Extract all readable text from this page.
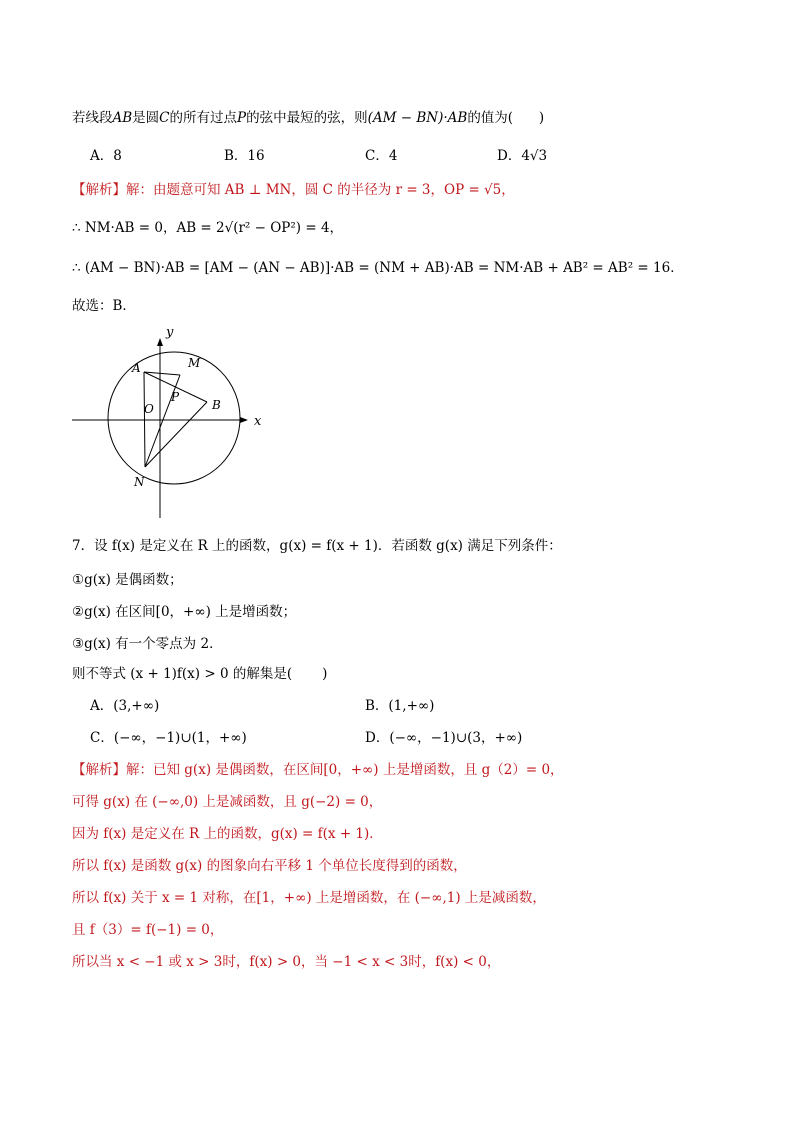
若线段AB是圆C的所有过点P的弦中最短的弦，则(AM − BN)·AB的值为(      )
A．8	B．16	C．4	D．4√3
【解析】解：由题意可知 AB ⊥ MN，圆 C 的半径为 r = 3，OP = √5，
∴ NM·AB = 0，AB = 2√(r² − OP²) = 4，
∴ (AM − BN)·AB = [AM − (AN − AB)]·AB = (NM + AB)·AB = NM·AB + AB² = AB² = 16．
故选：B．
y
x
A	M
P
O	B
N
7．设 f(x) 是定义在 R 上的函数，g(x) = f(x + 1)．若函数 g(x) 满足下列条件：
①g(x) 是偶函数；
②g(x) 在区间[0，+∞) 上是增函数；
③g(x) 有一个零点为 2．
则不等式 (x + 1)f(x) > 0 的解集是(       )
A．(3,+∞)	B．(1,+∞)
C．(−∞，−1)∪(1，+∞)	D．(−∞，−1)∪(3，+∞)
【解析】解：已知 g(x) 是偶函数，在区间[0，+∞) 上是增函数，且 g（2）= 0，
可得 g(x) 在 (−∞,0) 上是减函数，且 g(−2) = 0，
因为 f(x) 是定义在 R 上的函数，g(x) = f(x + 1)．
所以 f(x) 是函数 g(x) 的图象向右平移 1 个单位长度得到的函数，
所以 f(x) 关于 x = 1 对称，在[1，+∞) 上是增函数，在 (−∞,1) 上是减函数，
且 f（3）= f(−1) = 0，
所以当 x < −1 或 x > 3时，f(x) > 0，当 −1 < x < 3时，f(x) < 0，
